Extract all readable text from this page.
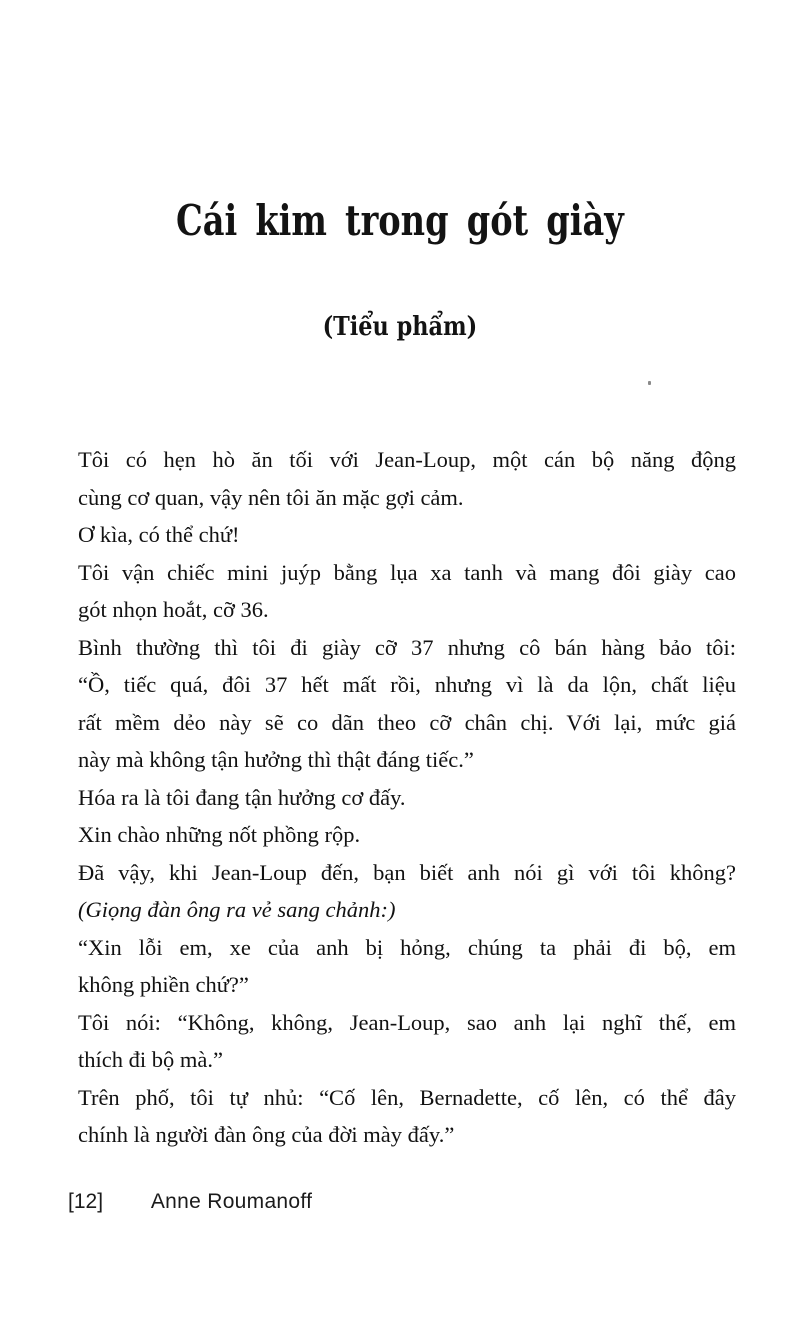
Cái kim trong gót giày
(Tiểu phẩm)
Tôi có hẹn hò ăn tối với Jean-Loup, một cán bộ năng động
cùng cơ quan, vậy nên tôi ăn mặc gợi cảm.
Ơ kìa, có thể chứ!
Tôi vận chiếc mini juýp bằng lụa xa tanh và mang đôi giày cao
gót nhọn hoắt, cỡ 36.
Bình thường thì tôi đi giày cỡ 37 nhưng cô bán hàng bảo tôi:
“Ồ, tiếc quá, đôi 37 hết mất rồi, nhưng vì là da lộn, chất liệu
rất mềm dẻo này sẽ co dãn theo cỡ chân chị. Với lại, mức giá
này mà không tận hưởng thì thật đáng tiếc.”
Hóa ra là tôi đang tận hưởng cơ đấy.
Xin chào những nốt phồng rộp.
Đã vậy, khi Jean-Loup đến, bạn biết anh nói gì với tôi không?
(Giọng đàn ông ra vẻ sang chảnh:)
“Xin lỗi em, xe của anh bị hỏng, chúng ta phải đi bộ, em
không phiền chứ?”
Tôi nói: “Không, không, Jean-Loup, sao anh lại nghĩ thế, em
thích đi bộ mà.”
Trên phố, tôi tự nhủ: “Cố lên, Bernadette, cố lên, có thể đây
chính là người đàn ông của đời mày đấy.”
[12] Anne Roumanoff
